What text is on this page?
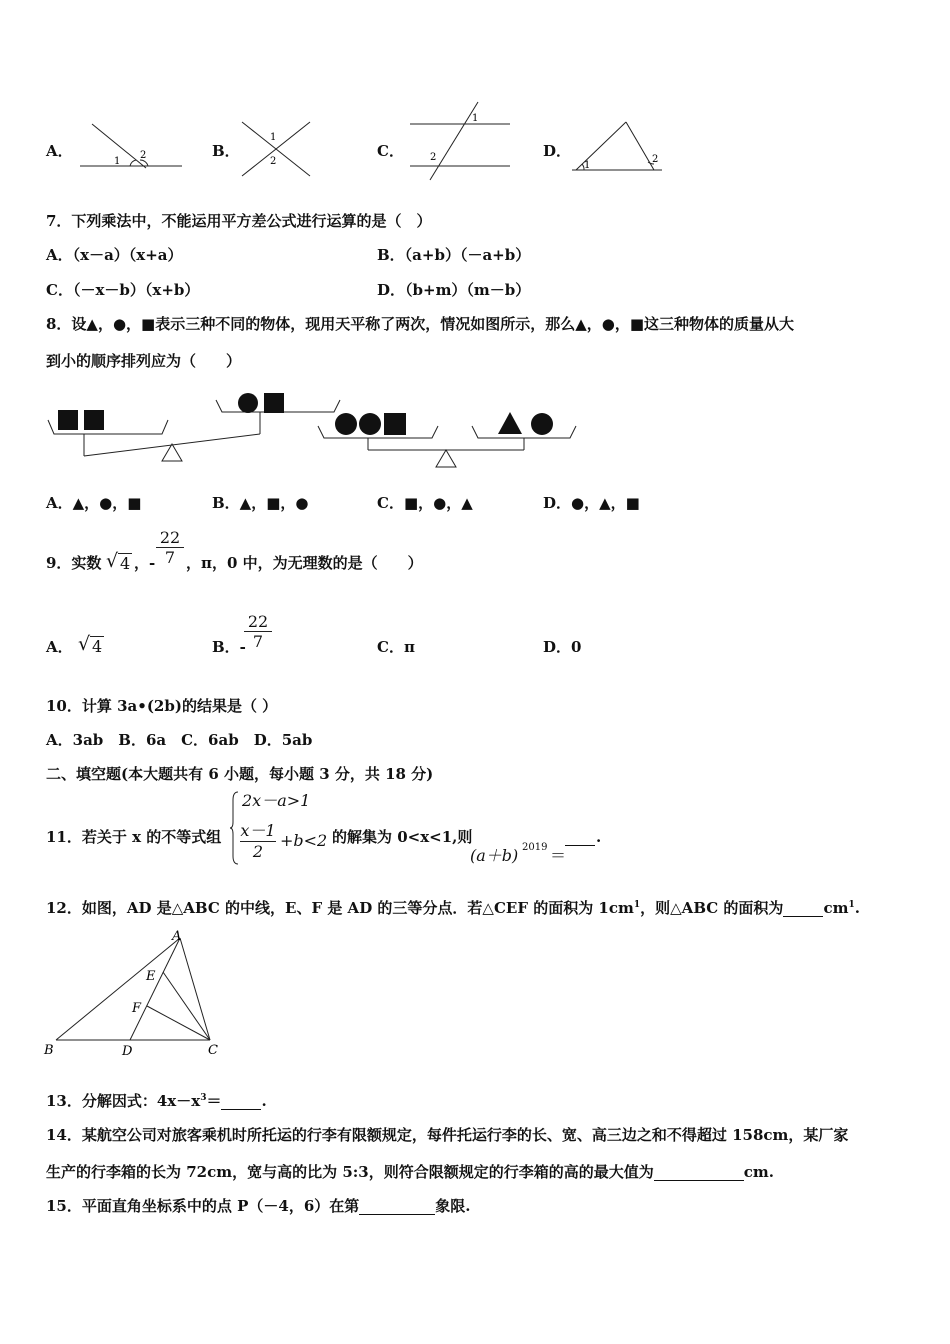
A．	B．	C．	D．
1
2
1
2
1
2
1
2
7．下列乘法中，不能运用平方差公式进行运算的是（　）
A．（x－a）（x+a）	B．（a+b）（－a+b）
C．（－x－b）（x+b）	D．（b+m）（m－b）
8．设▲，●，■表示三种不同的物体，现用天平称了两次，情况如图所示，那么▲，●，■这三种物体的质量从大
到小的顺序排列应为（　　）
A．▲，●，■	B．▲，■，●	C．■，●，▲	D．●，▲，■
9．实数 √ 4 ，- $\frac{22}{7}$ ，π，0 中，为无理数的是（　　）
A． √ 4	B．-
$\frac{22}{7}$	C．π	D．0
10．计算 3a•(2b)的结果是（ ）
A．3ab　B．6a　C．6ab　D．5ab
二、填空题(本大题共有 6 小题，每小题 3 分，共 18 分)
11．若关于 x 的不等式组
2x－a>1
$\frac{x-1}{2} +b<2$ 的解集为 0<x<1,则
(a＋b) 2019 ＝
.
12．如图，AD 是△ABC 的中线，E、F 是 AD 的三等分点．若△CEF 的面积为 $1cm^1$，则△ABC 的面积为	$cm^1$.
A
E
F
B	D	C
13．分解因式：$4x-x^3=$	.
14．某航空公司对旅客乘机时所托运的行李有限额规定，每件托运行李的长、宽、高三边之和不得超过 158cm，某厂家
生产的行李箱的长为 72cm，宽与高的比为 5:3，则符合限额规定的行李箱的高的最大值为	cm.
15．平面直角坐标系中的点 P（－4，6）在第	象限.
